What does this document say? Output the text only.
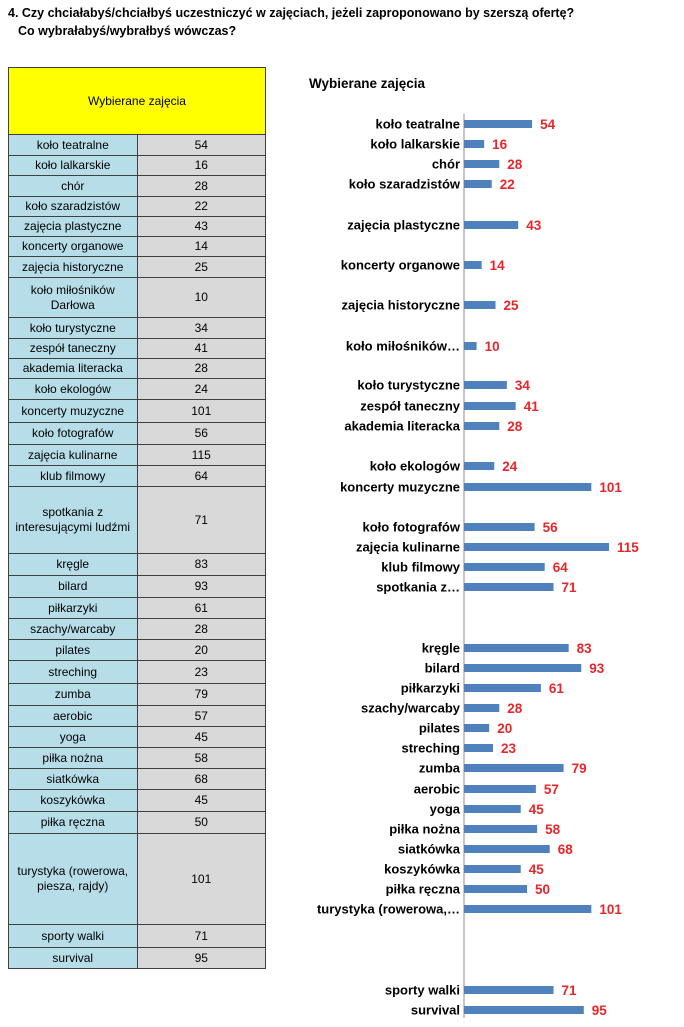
4. Czy chciałabyś/chciałbyś uczestniczyć w zajęciach, jeżeli zaproponowano by szerszą ofertę?
Co wybrałabyś/wybrałbyś wówczas?
Wybierane zajęcia	
koło teatralne	54
koło lalkarskie	16
chór	28
koło szaradzistów	22
zajęcia plastyczne	43
koncerty organowe	14
zajęcia historyczne	25
koło miłośników Darłowa	10
koło turystyczne	34
zespół taneczny	41
akademia literacka	28
koło ekologów	24
koncerty muzyczne	101
koło fotografów	56
zajęcia kulinarne	115
klub filmowy	64
spotkania z interesującymi ludźmi	71
kręgle	83
bilard	93
piłkarzyki	61
szachy/warcaby	28
pilates	20
streching	23
zumba	79
aerobic	57
yoga	45
piłka nożna	58
siatkówka	68
koszykówka	45
piłka ręczna	50
turystyka (rowerowa, piesza, rajdy)	101
sporty walki	71
survival	95
Wybierane zajęcia
koło teatralne	54
koło lalkarskie 16
chór	28
koło szaradzistów	22
zajęcia plastyczne	43
koncerty organowe 14
zajęcia historyczne	25
koło miłośników… 10
koło turystyczne	34
zespół taneczny	41
akademia literacka	28
koło ekologów	24
koncerty muzyczne	101
koło fotografów	56
zajęcia kulinarne	115
klub filmowy	64
spotkania z…	71
kręgle	83
bilard	93
piłkarzyki	61
szachy/warcaby	28
pilates	20
streching	23
zumba	79
aerobic	57
yoga	45
piłka nożna	58
siatkówka	68
koszykówka	45
piłka ręczna	50
turystyka (rowerowa,…	101
sporty walki	71
survival	95
